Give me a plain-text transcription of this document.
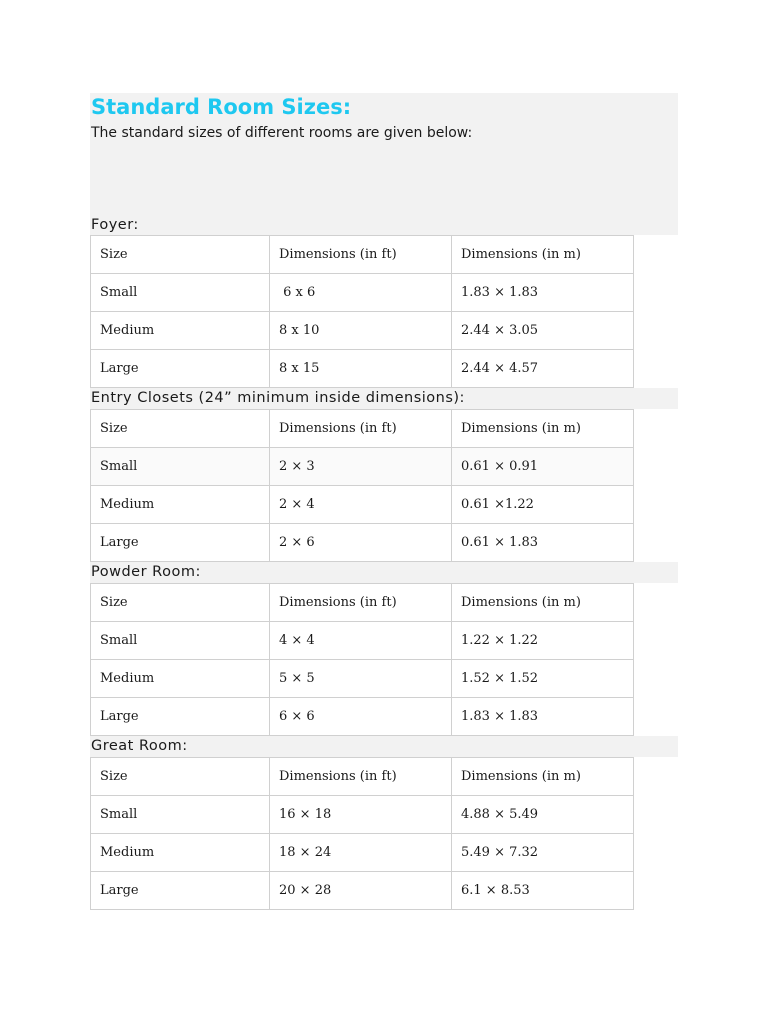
Standard Room Sizes:
The standard sizes of different rooms are given below:
Foyer:
Size	Dimensions (in ft)	Dimensions (in m)
Small	6 x 6	1.83 × 1.83
Medium	8 x 10	2.44 × 3.05
Large	8 x 15	2.44 × 4.57
Entry Closets (24” minimum inside dimensions):
Size	Dimensions (in ft)	Dimensions (in m)
Small	2 × 3	0.61 × 0.91
Medium	2 × 4	0.61 ×1.22
Large	2 × 6	0.61 × 1.83
Powder Room:
Size	Dimensions (in ft)	Dimensions (in m)
Small	4 × 4	1.22 × 1.22
Medium	5 × 5	1.52 × 1.52
Large	6 × 6	1.83 × 1.83
Great Room:
Size	Dimensions (in ft)	Dimensions (in m)
Small	16 × 18	4.88 × 5.49
Medium	18 × 24	5.49 × 7.32
Large	20 × 28	6.1 × 8.53
